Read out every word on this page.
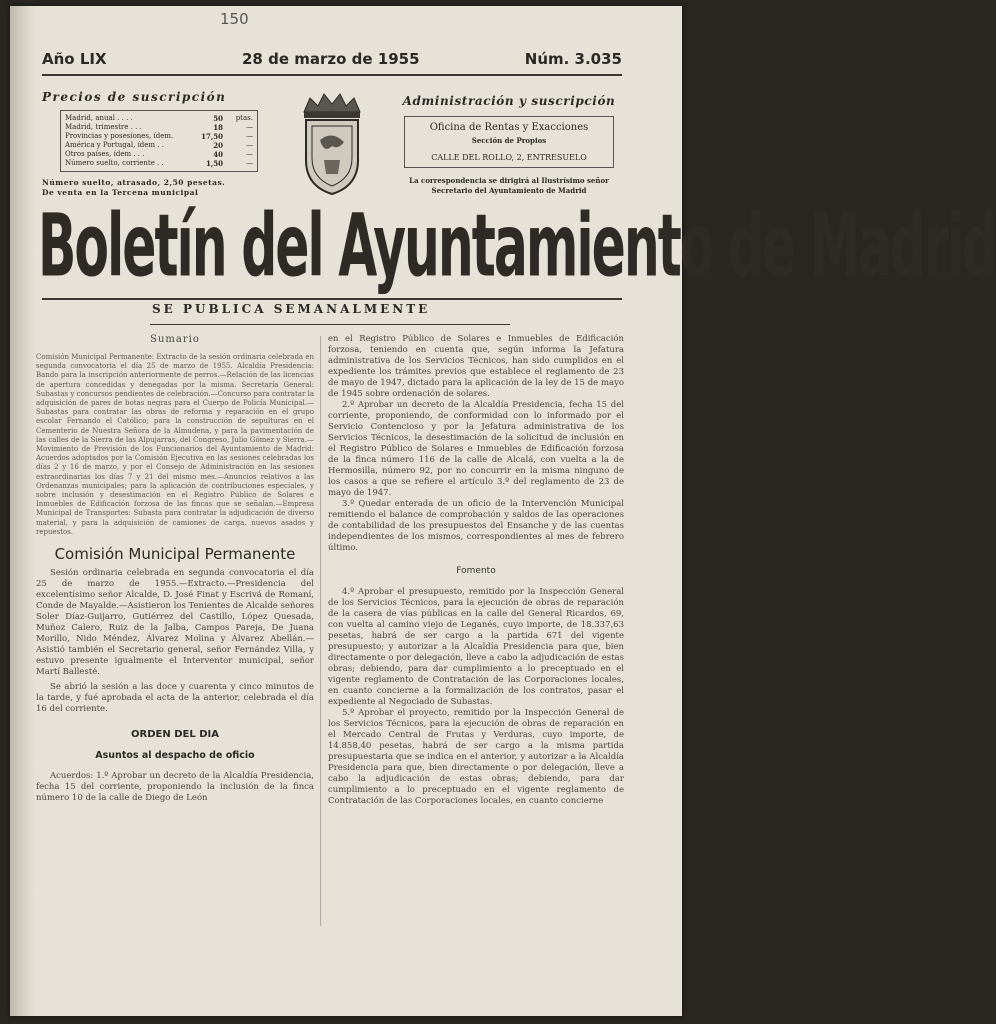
150
Año LIX	28 de marzo de 1955	Núm. 3.035
Precios de suscripción
Madrid, anual . . . .	50	ptas.
Madrid, trimestre . . .	18	—
Provincias y posesiones, ídem.	17,50	—
América y Portugal, ídem . .	20	—
Otros países, ídem . . .	40	—
Número suelto, corriente . .	1,50	—
Número suelto, atrasado, 2,50 pesetas.
De venta en la Tercena municipal
Administración y suscripción
Oficina de Rentas y Exacciones
Sección de Propios
CALLE DEL ROLLO, 2, ENTRESUELO
La correspondencia se dirigirá al Ilustrísimo señor Secretario del Ayuntamiento de Madrid
Boletín del Ayuntamiento de Madrid
SE PUBLICA SEMANALMENTE
Sumario
Comisión Municipal Permanente: Extracto de la sesión ordinaria celebrada en segunda convocatoria el día 25 de marzo de 1955. Alcaldía Presidencia: Bando para la inscripción anteriormente de perros.—Relación de las licencias de apertura concedidas y denegadas por la misma. Secretaría General: Subastas y concursos pendientes de celebración.—Concurso para contratar la adquisición de pares de botas negras para el Cuerpo de Policía Municipal.—Subastas para contratar las obras de reforma y reparación en el grupo escolar Fernando el Católico; para la construcción de sepulturas en el Cementerio de Nuestra Señora de la Almudena, y para la pavimentación de las calles de la Sierra de las Alpujarras, del Congreso, Julio Gómez y Sierra.—Movimiento de Previsión de los Funcionarios del Ayuntamiento de Madrid: Acuerdos adoptados por la Comisión Ejecutiva en las sesiones celebradas los días 2 y 16 de marzo, y por el Consejo de Administración en las sesiones extraordinarias los días 7 y 21 del mismo mes.—Anuncios relativos a las Ordenanzas municipales; para la aplicación de contribuciones especiales, y sobre inclusión y desestimación en el Registro Público de Solares e Inmuebles de Edificación forzosa de las fincas que se señalan.—Empresa Municipal de Transportes: Subasta para contratar la adjudicación de diverso material, y para la adquisición de camiones de carga, nuevos asados y repuestos.
Comisión Municipal Permanente

Sesión ordinaria celebrada en segunda convocatoria el día 25 de marzo de 1955.—Extracto.—Presidencia del excelentísimo señor Alcalde, D. José Finat y Escrivá de Romaní, Conde de Mayalde.—Asistieron los Tenientes de Alcalde señores Soler Díaz-Guijarro, Gutiérrez del Castillo, López Quesada, Muñoz Calero, Ruiz de la Jalba, Campos Pareja, De Juana Morillo, Nido Méndez, Álvarez Molina y Álvarez Abellán.—Asistió también el Secretario general, señor Fernández Villa, y estuvo presente igualmente el Interventor municipal, señor Martí Ballesté.

Se abrió la sesión a las doce y cuarenta y cinco minutos de la tarde, y fué aprobada el acta de la anterior, celebrada el día 16 del corriente.

ORDEN DEL DIA
Asuntos al despacho de oficio

Acuerdos: 1.º Aprobar un decreto de la Alcaldía Presidencia, fecha 15 del corriente, proponiendo la inclusión de la finca número 10 de la calle de Diego de León

en el Registro Público de Solares e Inmuebles de Edificación forzosa, teniendo en cuenta que, según informa la Jefatura administrativa de los Servicios Técnicos, han sido cumplidos en el expediente los trámites previos que establece el reglamento de 23 de mayo de 1947, dictado para la aplicación de la ley de 15 de mayo de 1945 sobre ordenación de solares.

2.º Aprobar un decreto de la Alcaldía Presidencia, fecha 15 del corriente, proponiendo, de conformidad con lo informado por el Servicio Contencioso y por la Jefatura administrativa de los Servicios Técnicos, la desestimación de la solicitud de inclusión en el Registro Público de Solares e Inmuebles de Edificación forzosa de la finca número 116 de la calle de Alcalá, con vuelta a la de Hermosilla, número 92, por no concurrir en la misma ninguno de los casos a que se refiere el artículo 3.º del reglamento de 23 de mayo de 1947.

3.º Quedar enterada de un oficio de la Intervención Municipal remitiendo el balance de comprobación y saldos de las operaciones de contabilidad de los presupuestos del Ensanche y de las cuentas independientes de los mismos, correspondientes al mes de febrero último.

Fomento

4.º Aprobar el presupuesto, remitido por la Inspección General de los Servicios Técnicos, para la ejecución de obras de reparación de la casera de vías públicas en la calle del General Ricardos, 69, con vuelta al camino viejo de Leganés, cuyo importe, de 18.337,63 pesetas, habrá de ser cargo a la partida 671 del vigente presupuesto; y autorizar a la Alcaldía Presidencia para que, bien directamente o por delegación, lleve a cabo la adjudicación de estas obras; debiendo, para dar cumplimiento a lo preceptuado en el vigente reglamento de Contratación de las Corporaciones locales, en cuanto concierne a la formalización de los contratos, pasar el expediente al Negociado de Subastas.

5.º Aprobar el proyecto, remitido por la Inspección General de los Servicios Técnicos, para la ejecución de obras de reparación en el Mercado Central de Frutas y Verduras, cuyo importe, de 14.858,40 pesetas, habrá de ser cargo a la misma partida presupuestaria que se indica en el anterior, y autorizar a la Alcaldía Presidencia para que, bien directamente o por delegación, lleve a cabo la adjudicación de estas obras; debiendo, para dar cumplimiento a lo preceptuado en el vigente reglamento de Contratación de las Corporaciones locales, en cuanto concierne
